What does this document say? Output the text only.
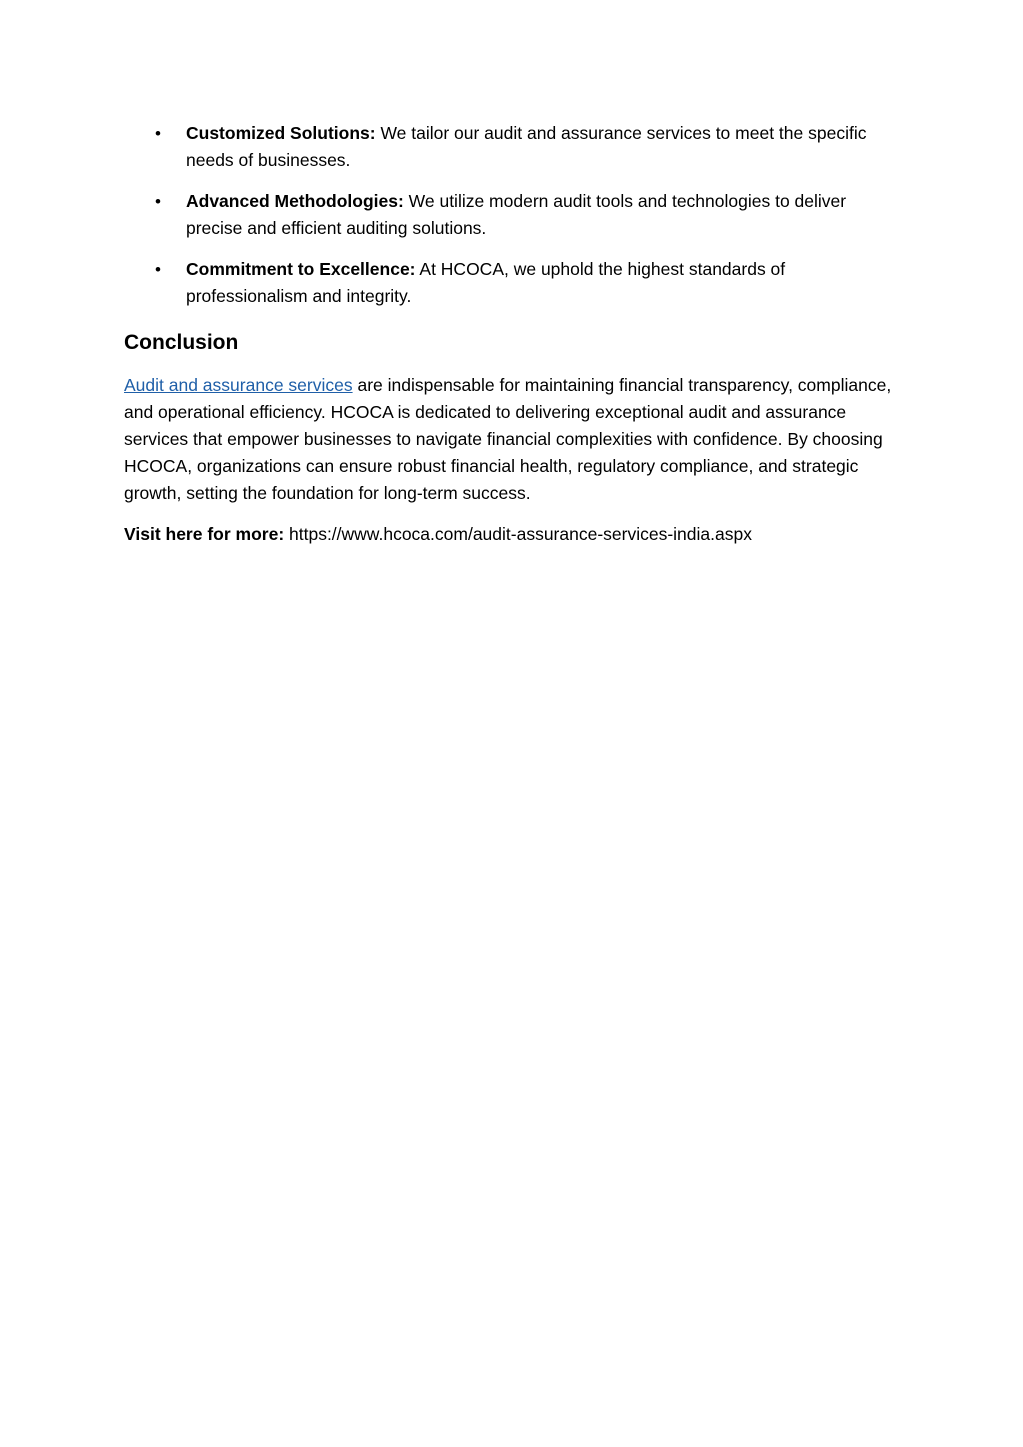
• Customized Solutions: We tailor our audit and assurance services to meet the specific needs of businesses.
• Advanced Methodologies: We utilize modern audit tools and technologies to deliver precise and efficient auditing solutions.
• Commitment to Excellence: At HCOCA, we uphold the highest standards of professionalism and integrity.
Conclusion

Audit and assurance services are indispensable for maintaining financial transparency, compliance, and operational efficiency. HCOCA is dedicated to delivering exceptional audit and assurance services that empower businesses to navigate financial complexities with confidence. By choosing HCOCA, organizations can ensure robust financial health, regulatory compliance, and strategic growth, setting the foundation for long-term success.

Visit here for more: https://www.hcoca.com/audit-assurance-services-india.aspx
